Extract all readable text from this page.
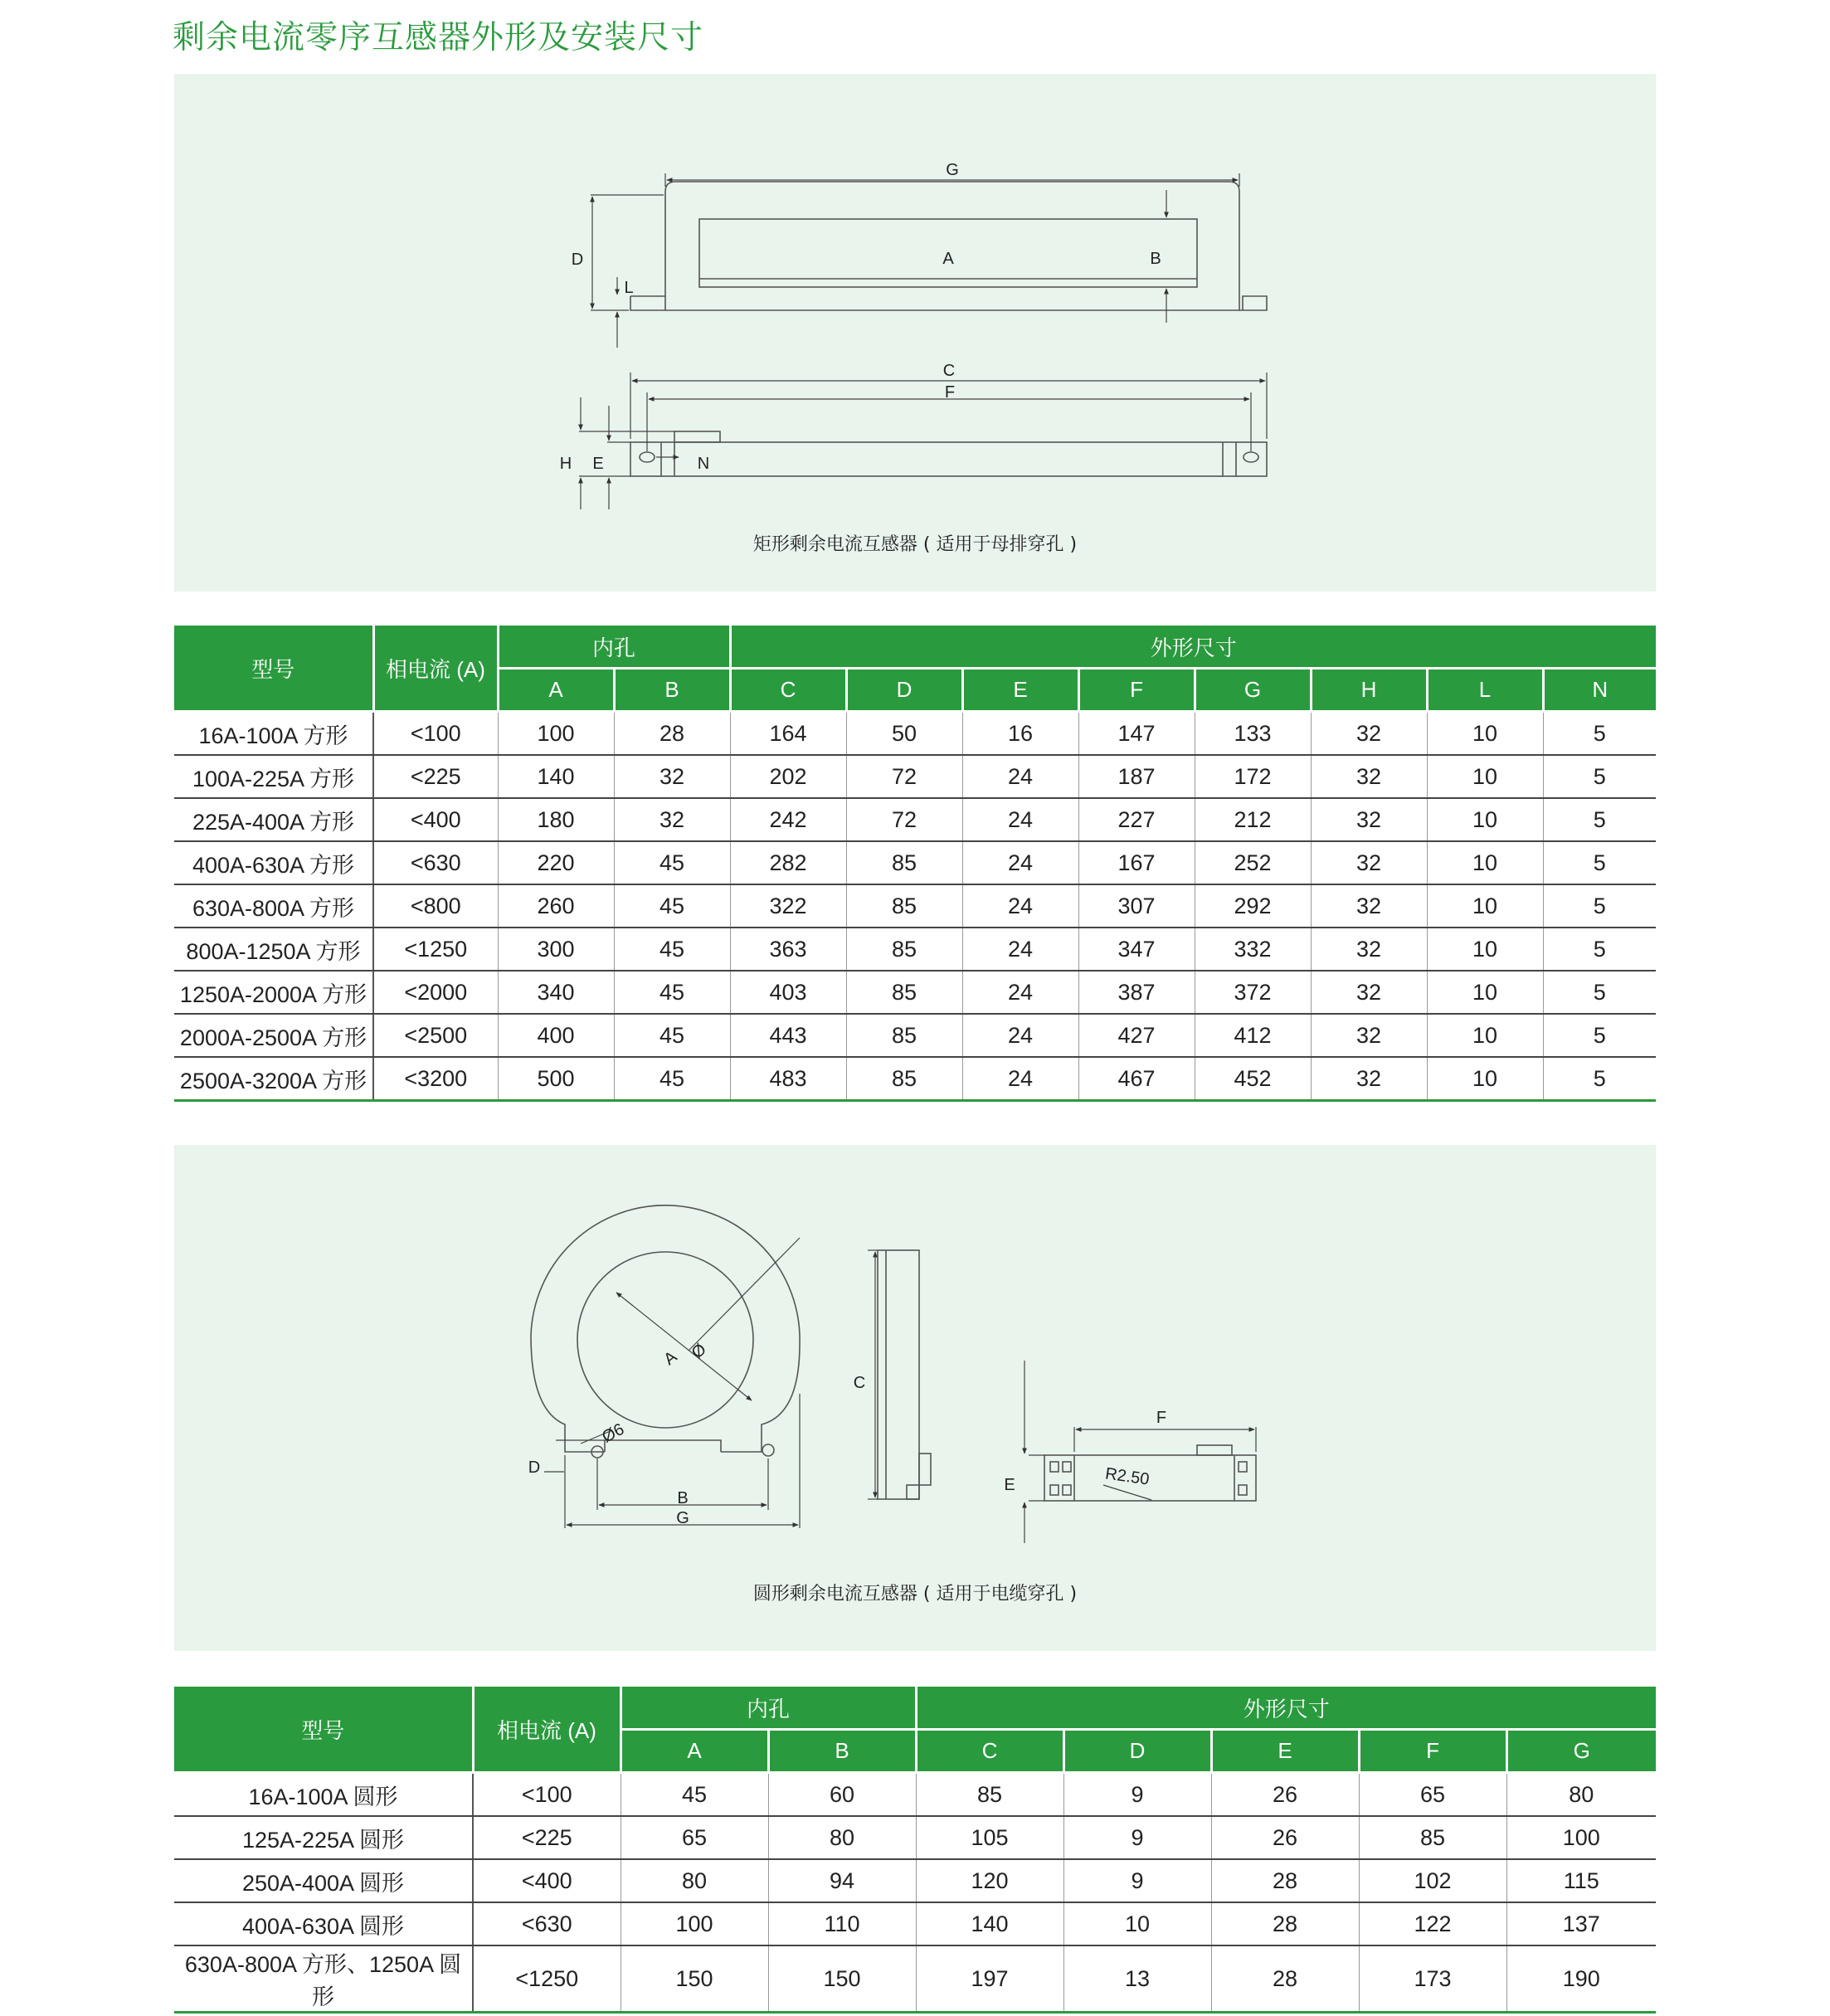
剩余电流零序互感器外形及安装尺寸
G
A	B
D
L
C
F
H E	N
矩形剩余电流互感器 ( 适用于母排穿孔 )
型号	相电流 (A)	内孔		外形尺寸							
		A	B	C	D	E	F	G	H	L	N
16A-100A 方形	<100	100	28	164	50	16	147	133	32	10	5
100A-225A 方形	<225	140	32	202	72	24	187	172	32	10	5
225A-400A 方形	<400	180	32	242	72	24	227	212	32	10	5
400A-630A 方形	<630	220	45	282	85	24	167	252	32	10	5
630A-800A 方形	<800	260	45	322	85	24	307	292	32	10	5
800A-1250A 方形	<1250	300	45	363	85	24	347	332	32	10	5
1250A-2000A 方形	<2000	340	45	403	85	24	387	372	32	10	5
2000A-2500A 方形	<2500	400	45	443	85	24	427	412	32	10	5
2500A-3200A 方形	<3200	500	45	483	85	24	467	452	32	10	5
A Ø
Ø6
D
B
G
C
E
F
R2.50
圆形剩余电流互感器 ( 适用于电缆穿孔 )
型号	相电流 (A)	内孔		外形尺寸				
		A	B	C	D	E	F	G
16A-100A 圆形	<100	45	60	85	9	26	65	80
125A-225A 圆形	<225	65	80	105	9	26	85	100
250A-400A 圆形	<400	80	94	120	9	28	102	115
400A-630A 圆形	<630	100	110	140	10	28	122	137
630A-800A 方形、1250A 圆形	<1250	150	150	197	13	28	173	190
